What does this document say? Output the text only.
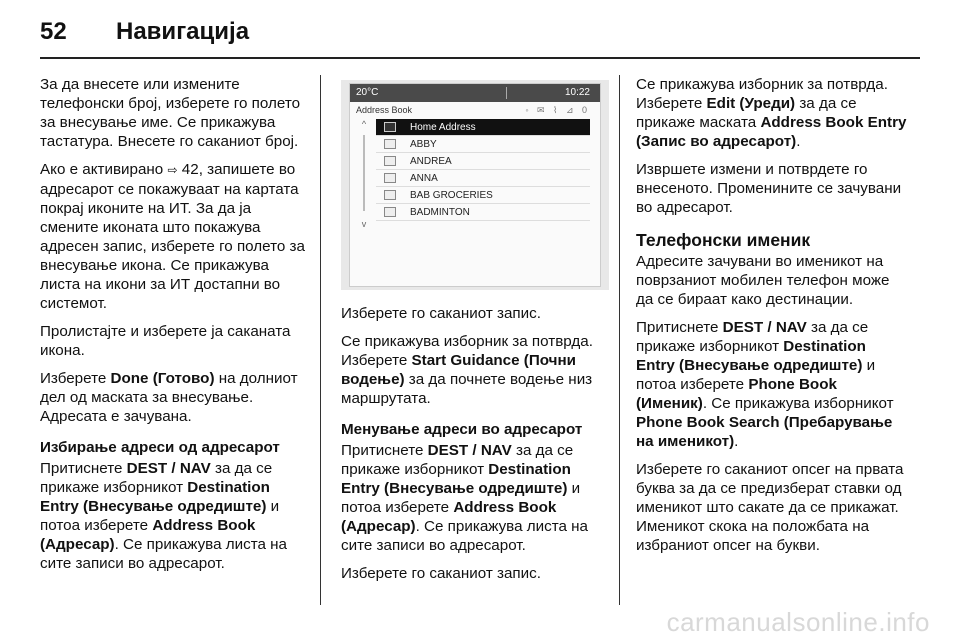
52 Навигација

За да внесете или измените телефонски број, изберете го полето за внесување име. Се прикажува тастатура. Внесете го саканиот број.

Ако е активирано ⇨ 42, запишете во адресарот се покажуваат на картата покрај иконите на ИТ. За да ја смените иконата што покажува адресен запис, изберете го полето за внесување икона. Се прикажува листа на икони за ИТ достапни во системот.

Пролистајте и изберете ја саканата икона.

Изберете Done (Готово) на долниот дел од маската за внесување. Адресата е зачувана.

Избирање адреси од адресарот

Притиснете DEST / NAV за да се прикаже изборникот Destination Entry (Внесување одредиште) и потоа изберете Address Book (Адресар). Се прикажува листа на сите записи во адресарот.

20°C	10:22
Address Book	◦ ✉ ⌇ ⊿ 0
^
v
Home Address
ABBY
ANDREA
ANNA
BAB GROCERIES
BADMINTON

Изберете го саканиот запис.

Се прикажува изборник за потврда. Изберете Start Guidance (Почни водење) за да почнете водење низ маршрутата.

Менување адреси во адресарот

Притиснете DEST / NAV за да се прикаже изборникот Destination Entry (Внесување одредиште) и потоа изберете Address Book (Адресар). Се прикажува листа на сите записи во адресарот.

Изберете го саканиот запис.

Се прикажува изборник за потврда. Изберете Edit (Уреди) за да се прикаже маската Address Book Entry (Запис во адресарот).

Извршете измени и потврдете го внесеното. Променините се зачувани во адресарот.

Телефонски именик

Адресите зачувани во именикот на поврзаниот мобилен телефон може да се бираат како дестинации.

Притиснете DEST / NAV за да се прикаже изборникот Destination Entry (Внесување одредиште) и потоа изберете Phone Book (Именик). Се прикажува изборникот Phone Book Search (Пребарување на именикот).

Изберете го саканиот опсег на првата буква за да се предизберат ставки од именикот што сакате да се прикажат. Именикот скока на положбата на избраниот опсег на букви.

carmanualsonline.info
